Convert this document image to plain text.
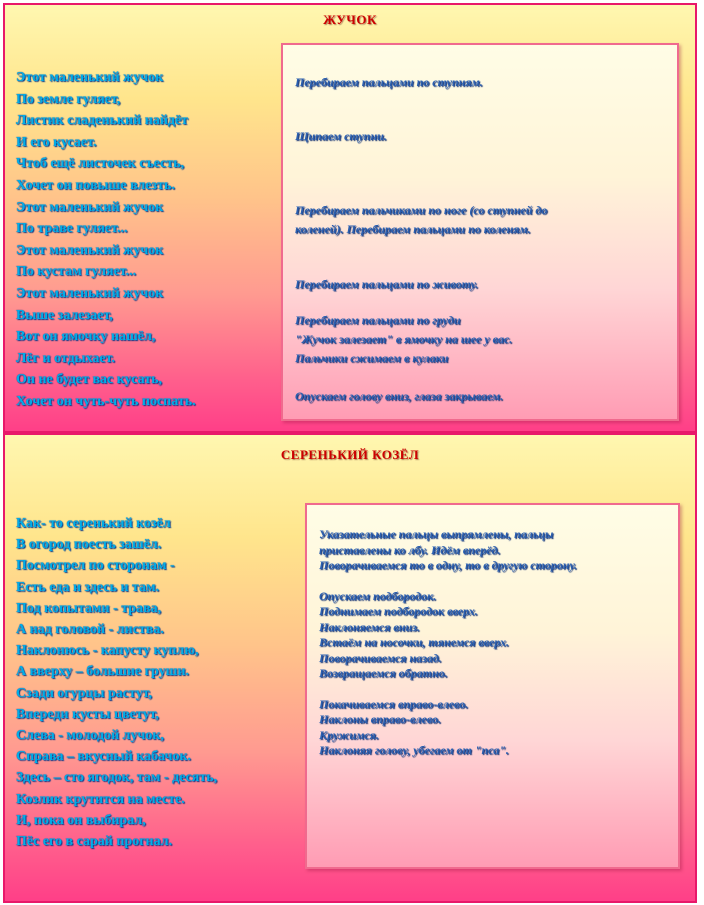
ЖУЧОК
Этот маленький жучок
По земле гуляет,
Листик сладенький найдёт
И его кусает.
Чтоб ещё листочек съесть,
Хочет он повыше влезть.
Этот маленький жучок
По траве гуляет...
Этот маленький жучок
По кустам гуляет...
Этот маленький жучок
Выше залезает,
Вот он ямочку нашёл,
Лёг и отдыхает.
Он не будет вас кусать,
Хочет он чуть-чуть поспать.
Перебираем пальцами по ступням.
Щипаем ступни.
Перебираем пальчиками по ноге (со ступней до
коленей). Перебираем пальцами по коленям.
Перебираем пальцами по животу.
Перебираем пальцами по груди
"Жучок залезает" в ямочку на шее у вас.
Пальчики сжимаем в кулаки
Опускаем голову вниз, глаза закрываем.
СЕРЕНЬКИЙ КОЗЁЛ
Как- то серенький козёл
В огород поесть зашёл.
Посмотрел по сторонам -
Есть еда и здесь и там.
Под копытами - трава,
А над головой - листва.
Наклонюсь - капусту куплю,
А вверху – большие груши.
Сзади огурцы растут,
Впереди кусты цветут,
Слева - молодой лучок,
Справа – вкусный кабачок.
Здесь – сто ягодок, там - десять,
Козлик крутится на месте.
И, пока он выбирал,
Пёс его в сарай прогнал.
Указательные пальцы выпрямлены, пальцы
приставлены ко лбу. Идём вперёд.
Поворачиваемся то в одну, то в другую сторону.
Опускаем подбородок.
Поднимаем подбородок вверх.
Наклоняемся вниз.
Встаём на носочки, тянемся вверх.
Поворачиваемся назад.
Возвращаемся обратно.
Покачиваемся вправо-влево.
Наклоны вправо-влево.
Кружимся.
Наклоняя голову, убегаем от "пса".
